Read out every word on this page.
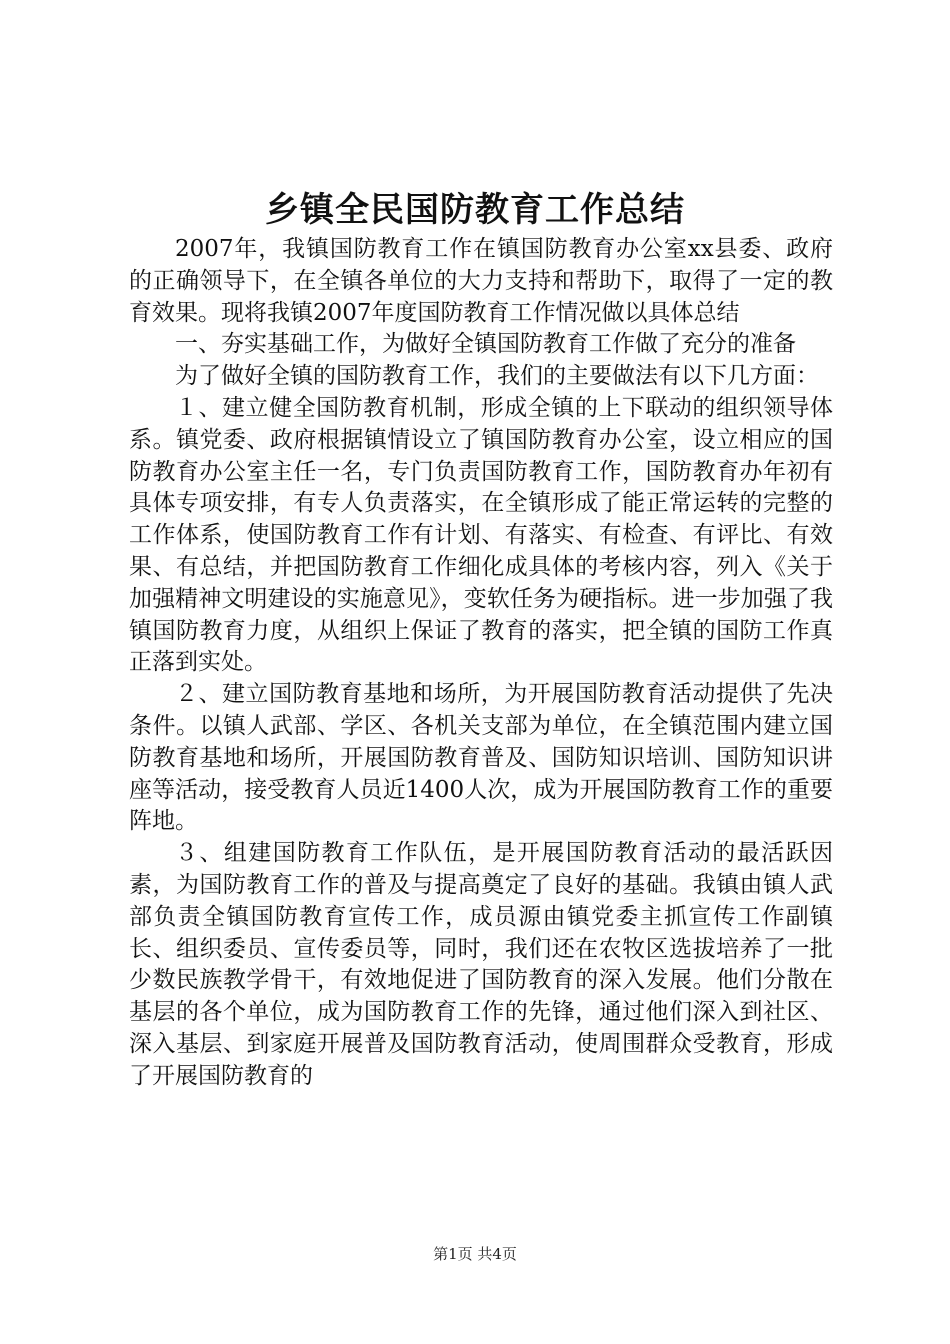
乡镇全民国防教育工作总结

2007年，我镇国防教育工作在镇国防教育办公室xx县委、政府的正确领导下，在全镇各单位的大力支持和帮助下，取得了一定的教育效果。现将我镇2007年度国防教育工作情况做以具体总结

一、夯实基础工作，为做好全镇国防教育工作做了充分的准备

为了做好全镇的国防教育工作，我们的主要做法有以下几方面：

１、建立健全国防教育机制，形成全镇的上下联动的组织领导体系。镇党委、政府根据镇情设立了镇国防教育办公室，设立相应的国防教育办公室主任一名，专门负责国防教育工作，国防教育办年初有具体专项安排，有专人负责落实，在全镇形成了能正常运转的完整的工作体系，使国防教育工作有计划、有落实、有检查、有评比、有效果、有总结，并把国防教育工作细化成具体的考核内容，列入《关于加强精神文明建设的实施意见》，变软任务为硬指标。进一步加强了我镇国防教育力度，从组织上保证了教育的落实，把全镇的国防工作真正落到实处。

２、建立国防教育基地和场所，为开展国防教育活动提供了先决条件。以镇人武部、学区、各机关支部为单位，在全镇范围内建立国防教育基地和场所，开展国防教育普及、国防知识培训、国防知识讲座等活动，接受教育人员近1400人次，成为开展国防教育工作的重要阵地。

３、组建国防教育工作队伍，是开展国防教育活动的最活跃因素，为国防教育工作的普及与提高奠定了良好的基础。我镇由镇人武部负责全镇国防教育宣传工作，成员源由镇党委主抓宣传工作副镇长、组织委员、宣传委员等，同时，我们还在农牧区选拔培养了一批少数民族教学骨干，有效地促进了国防教育的深入发展。他们分散在基层的各个单位，成为国防教育工作的先锋，通过他们深入到社区、深入基层、到家庭开展普及国防教育活动，使周围群众受教育，形成了开展国防教育的

第1页 共4页
